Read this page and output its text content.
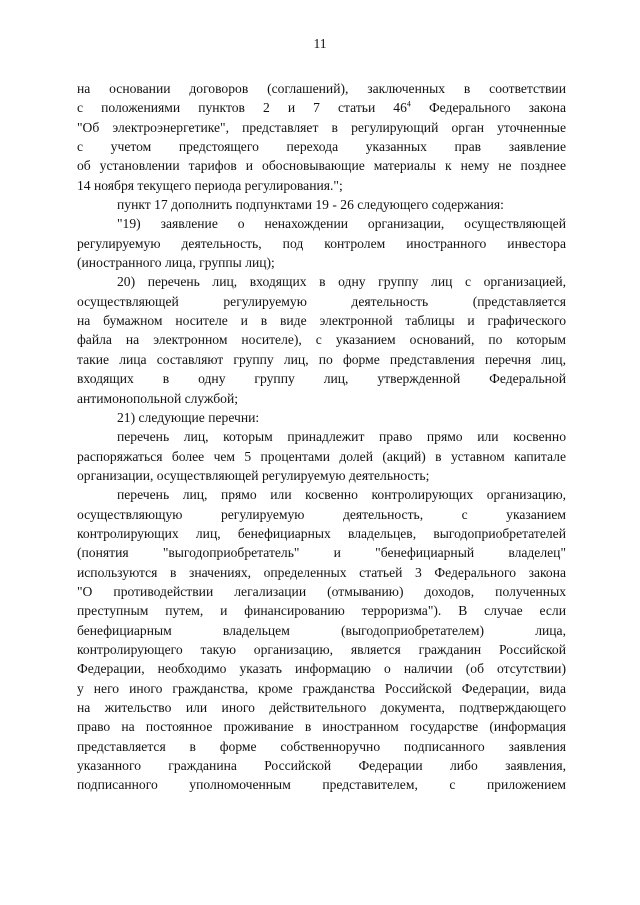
11
на основании договоров (соглашений), заключенных в соответствии
с положениями пунктов 2 и 7 статьи $46^4$ Федерального закона
"Об электроэнергетике", представляет в регулирующий орган уточненные
с учетом предстоящего перехода указанных прав заявление
об установлении тарифов и обосновывающие материалы к нему не позднее
14 ноября текущего периода регулирования.";
пункт 17 дополнить подпунктами 19 - 26 следующего содержания:
"19) заявление о ненахождении организации, осуществляющей
регулируемую деятельность, под контролем иностранного инвестора
(иностранного лица, группы лиц);
20) перечень лиц, входящих в одну группу лиц с организацией,
осуществляющей регулируемую деятельность (представляется
на бумажном носителе и в виде электронной таблицы и графического
файла на электронном носителе), с указанием оснований, по которым
такие лица составляют группу лиц, по форме представления перечня лиц,
входящих в одну группу лиц, утвержденной Федеральной
антимонопольной службой;
21) следующие перечни:
перечень лиц, которым принадлежит право прямо или косвенно
распоряжаться более чем 5 процентами долей (акций) в уставном капитале
организации, осуществляющей регулируемую деятельность;
перечень лиц, прямо или косвенно контролирующих организацию,
осуществляющую регулируемую деятельность, с указанием
контролирующих лиц, бенефициарных владельцев, выгодоприобретателей
(понятия "выгодоприобретатель" и "бенефициарный владелец"
используются в значениях, определенных статьей 3 Федерального закона
"О противодействии легализации (отмыванию) доходов, полученных
преступным путем, и финансированию терроризма"). В случае если
бенефициарным владельцем (выгодоприобретателем) лица,
контролирующего такую организацию, является гражданин Российской
Федерации, необходимо указать информацию о наличии (об отсутствии)
у него иного гражданства, кроме гражданства Российской Федерации, вида
на жительство или иного действительного документа, подтверждающего
право на постоянное проживание в иностранном государстве (информация
представляется в форме собственноручно подписанного заявления
указанного гражданина Российской Федерации либо заявления,
подписанного уполномоченным представителем, с приложением
